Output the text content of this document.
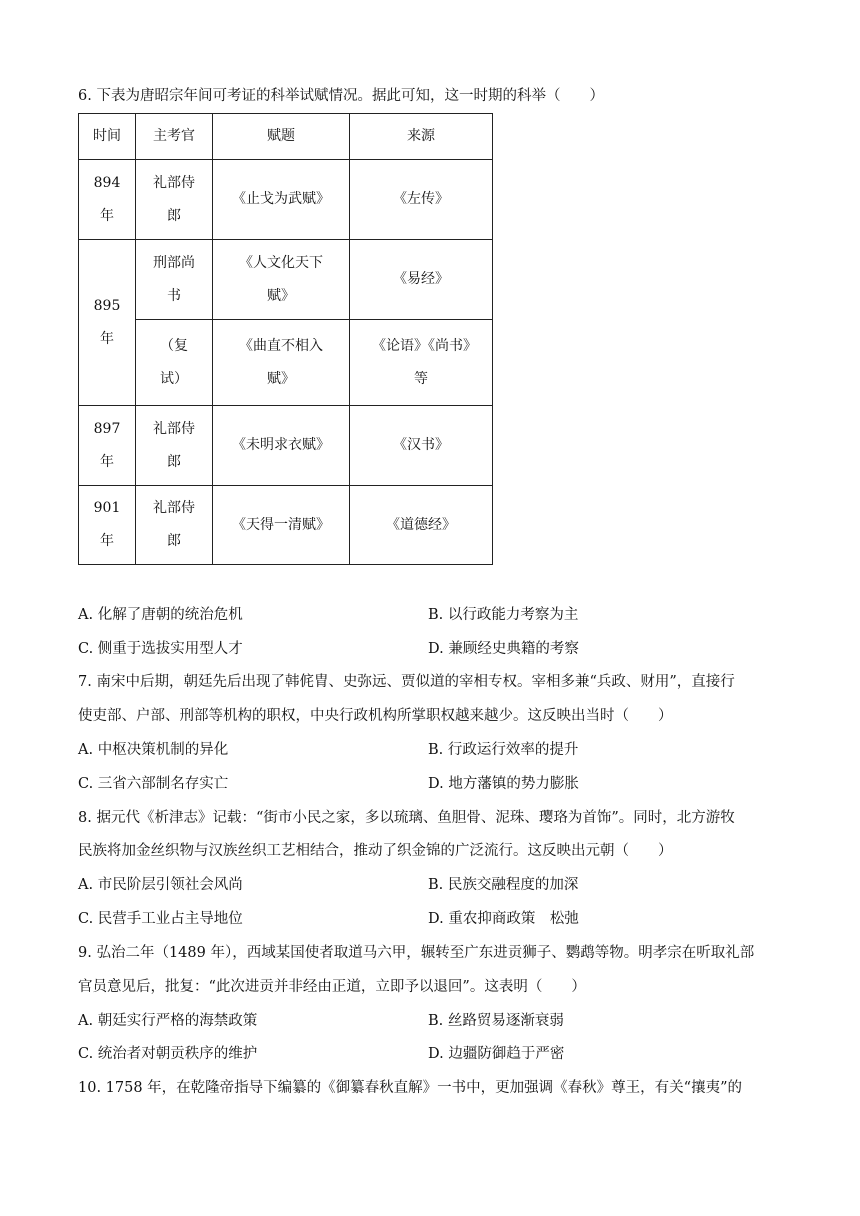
6. 下表为唐昭宗年间可考证的科举试赋情况。据此可知，这一时期的科举（　　）
时间	主考官	赋题	来源
894 年	礼部侍郎	《止戈为武赋》	《左传》
895 年	刑部尚书	《人文化天下赋》	《易经》
	（复试）	《曲直不相入赋》	《论语》《尚书》等
897 年	礼部侍郎	《未明求衣赋》	《汉书》
901 年	礼部侍郎	《天得一清赋》	《道德经》
A. 化解了唐朝的统治危机	B. 以行政能力考察为主
C. 侧重于选拔实用型人才	D. 兼顾经史典籍的考察
7. 南宋中后期，朝廷先后出现了韩侂胄、史弥远、贾似道的宰相专权。宰相多兼“兵政、财用”，直接行
使吏部、户部、刑部等机构的职权，中央行政机构所掌职权越来越少。这反映出当时（　　）
A. 中枢决策机制的异化	B. 行政运行效率的提升
C. 三省六部制名存实亡	D. 地方藩镇的势力膨胀
8. 据元代《析津志》记载：“街市小民之家，多以琉璃、鱼胆骨、泥珠、璎珞为首饰”。同时，北方游牧
民族将加金丝织物与汉族丝织工艺相结合，推动了织金锦的广泛流行。这反映出元朝（　　）
A. 市民阶层引领社会风尚	B. 民族交融程度的加深
C. 民营手工业占主导地位	D. 重农抑商政策　松弛
9. 弘治二年（1489 年），西域某国使者取道马六甲，辗转至广东进贡狮子、鹦鹉等物。明孝宗在听取礼部
官员意见后，批复：“此次进贡并非经由正道，立即予以退回”。这表明（　　）
A. 朝廷实行严格的海禁政策	B. 丝路贸易逐渐衰弱
C. 统治者对朝贡秩序的维护	D. 边疆防御趋于严密
10. 1758 年，在乾隆帝指导下编纂的《御纂春秋直解》一书中，更加强调《春秋》尊王，有关“攘夷”的
